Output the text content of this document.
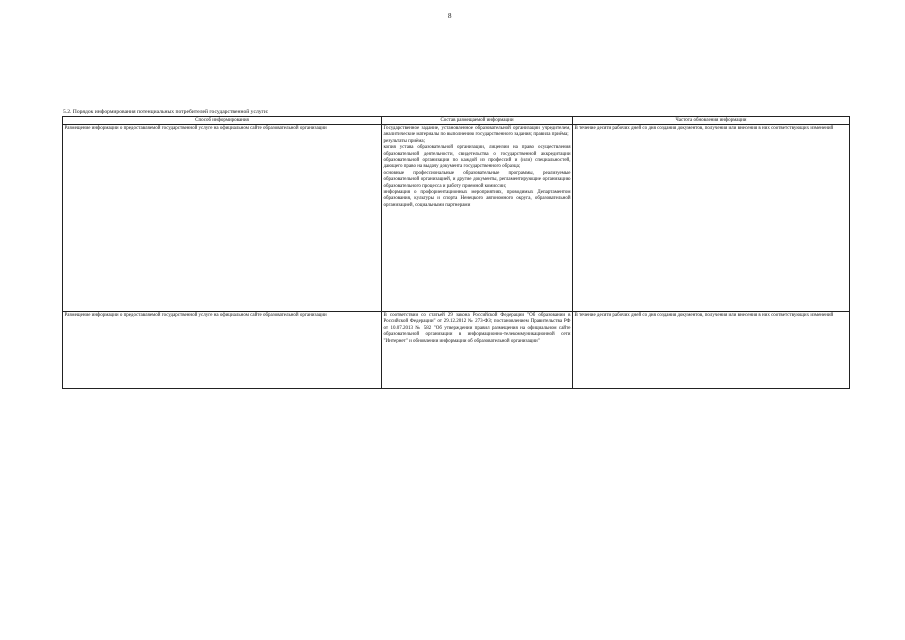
8
5.2. Порядок информирования потенциальных потребителей государственной услуги:
Способ информирования	Состав размещаемой информации	Частота обновления информации
Размещение информации о предоставляемой государственной услуге на официальном сайте образовательной организации	Государственное задание, установленное образовательной организации учредителем, аналитические материалы по выполнению государственного задания; правила приёма;
результаты приёма;
копия устава образовательной организации, лицензии на право осуществления образовательной деятельности, свидетельства о государственной аккредитации образовательной организации по каждой из профессий и (или) специальностей, дающего право на выдачу документа государственного образца;
основные профессиональные образовательные программы, реализуемые образовательной организацией, и другие документы, регламентирующие организацию образовательного процесса и работу приемной комиссии;
информация о профориентационных мероприятиях, проводимых Департаментом образования, культуры и спорта Ненецкого автономного округа, образовательной организацией, социальными партнерами	В течение десяти рабочих дней со дня создания документов, получения или внесения в них соответствующих изменений
Размещение информации о предоставляемой государственной услуге на официальном сайте образовательной организации	В соответствии со статьей 29 закона Российской Федерации "Об образовании в Российской Федерации" от 29.12.2012 № 273-ФЗ; постановлением Правительства РФ от 10.07.2013 № 582 "Об утверждении правил размещения на официальном сайте образовательной организации в информационно-телекоммуникационной сети "Интернет" и обновлении информации об образовательной организации"	В течение десяти рабочих дней со дня создания документов, получения или внесения в них соответствующих изменений
